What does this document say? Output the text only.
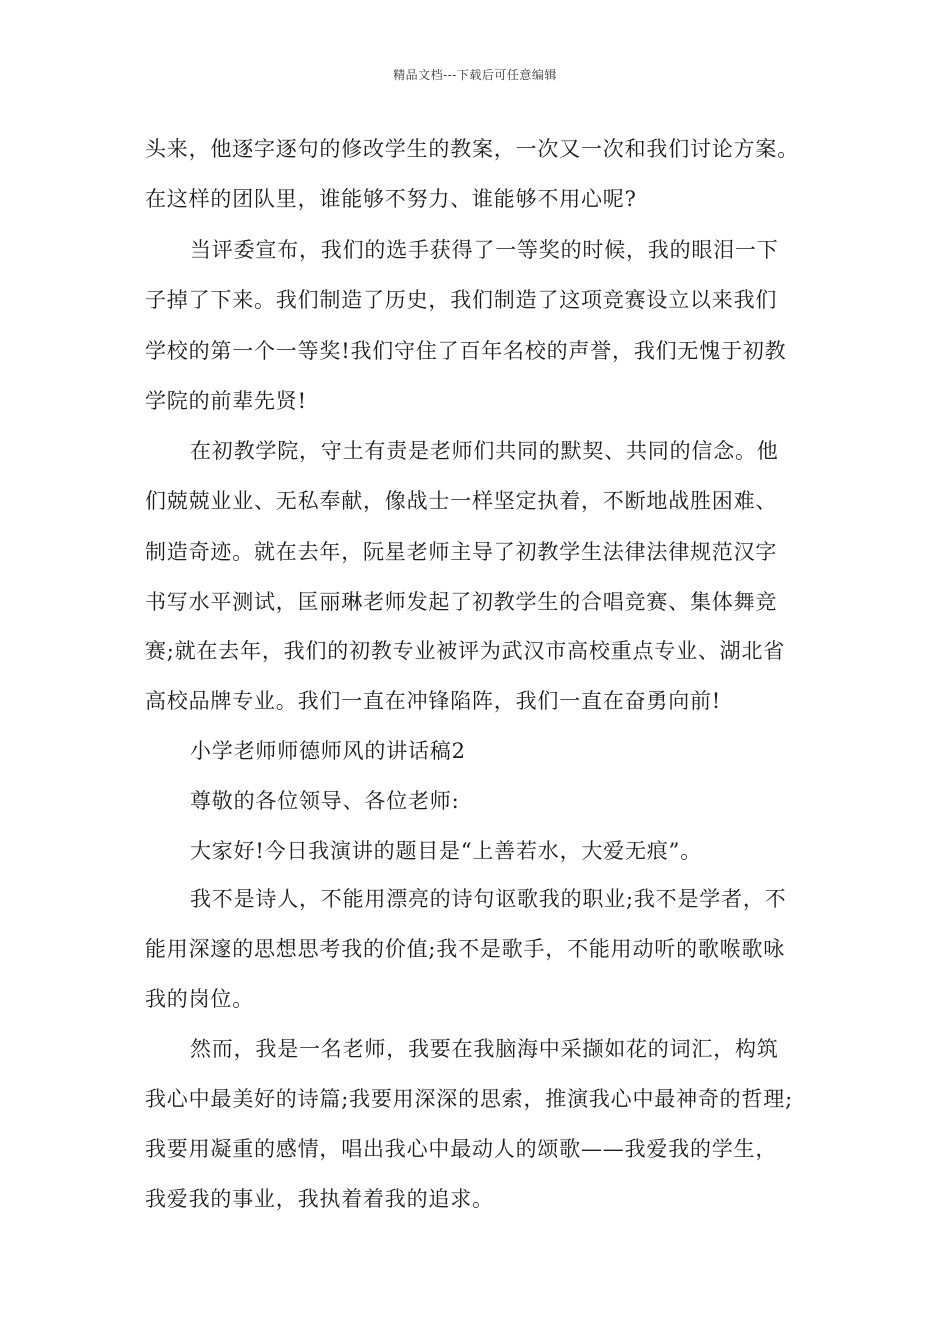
精品文档---下载后可任意编辑
头来，他逐字逐句的修改学生的教案，一次又一次和我们讨论方案。
在这样的团队里，谁能够不努力、谁能够不用心呢?
当评委宣布，我们的选手获得了一等奖的时候，我的眼泪一下
子掉了下来。我们制造了历史，我们制造了这项竞赛设立以来我们
学校的第一个一等奖!我们守住了百年名校的声誉，我们无愧于初教
学院的前辈先贤!
在初教学院，守土有责是老师们共同的默契、共同的信念。他
们兢兢业业、无私奉献，像战士一样坚定执着，不断地战胜困难、
制造奇迹。就在去年，阮星老师主导了初教学生法律法律规范汉字
书写水平测试，匡丽琳老师发起了初教学生的合唱竞赛、集体舞竞
赛;就在去年，我们的初教专业被评为武汉市高校重点专业、湖北省
高校品牌专业。我们一直在冲锋陷阵，我们一直在奋勇向前!
小学老师师德师风的讲话稿2
尊敬的各位领导、各位老师:
大家好!今日我演讲的题目是“上善若水，大爱无痕”。
我不是诗人，不能用漂亮的诗句讴歌我的职业;我不是学者，不
能用深邃的思想思考我的价值;我不是歌手，不能用动听的歌喉歌咏
我的岗位。
然而，我是一名老师，我要在我脑海中采撷如花的词汇，构筑
我心中最美好的诗篇;我要用深深的思索，推演我心中最神奇的哲理;
我要用凝重的感情，唱出我心中最动人的颂歌——我爱我的学生，
我爱我的事业，我执着着我的追求。
